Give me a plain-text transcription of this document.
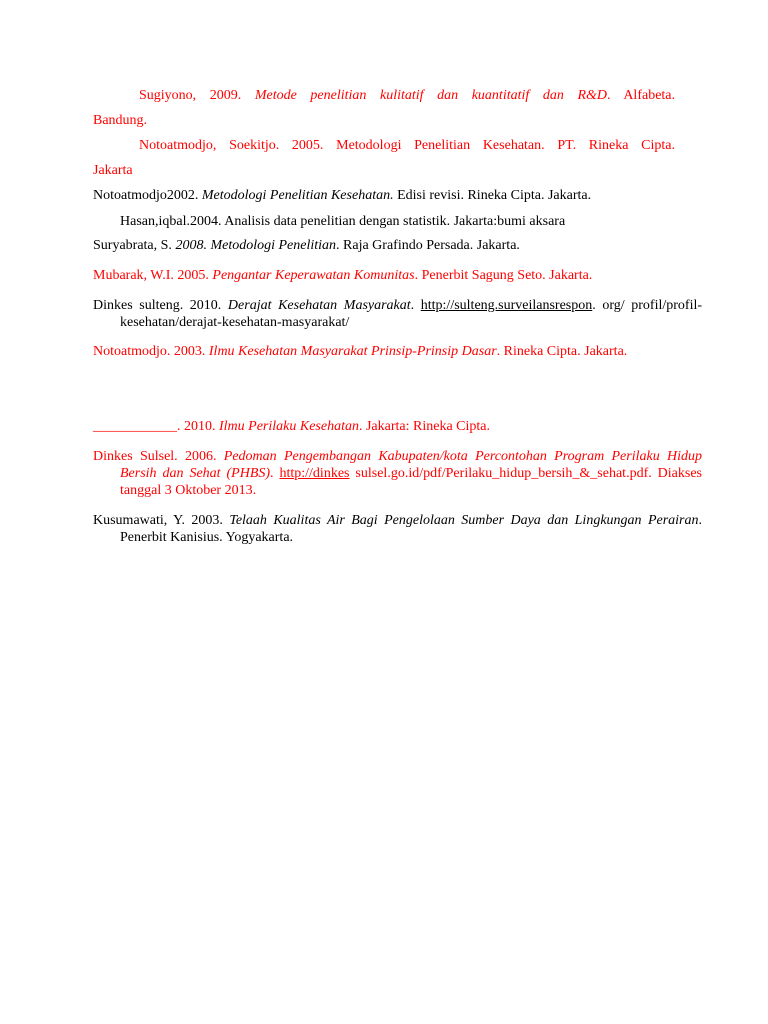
Sugiyono, 2009. Metode penelitian kulitatif dan kuantitatif dan R&D. Alfabeta.
Bandung.
Notoatmodjo, Soekitjo. 2005. Metodologi Penelitian Kesehatan. PT. Rineka Cipta.
Jakarta
Notoatmodjo2002. Metodologi Penelitian Kesehatan. Edisi revisi. Rineka Cipta. Jakarta.
Hasan,iqbal.2004. Analisis data penelitian dengan statistik. Jakarta:bumi aksara
Suryabrata, S. 2008. Metodologi Penelitian. Raja Grafindo Persada. Jakarta.
Mubarak, W.I. 2005. Pengantar Keperawatan Komunitas. Penerbit Sagung Seto. Jakarta.
Dinkes sulteng. 2010. Derajat Kesehatan Masyarakat. http://sulteng.surveilansrespon. org/ profil/profil-kesehatan/derajat-kesehatan-masyarakat/
Notoatmodjo. 2003. Ilmu Kesehatan Masyarakat Prinsip-Prinsip Dasar. Rineka Cipta. Jakarta.
____________. 2010. Ilmu Perilaku Kesehatan. Jakarta: Rineka Cipta.
Dinkes Sulsel. 2006. Pedoman Pengembangan Kabupaten/kota Percontohan Program Perilaku Hidup Bersih dan Sehat (PHBS). http://dinkes sulsel.go.id/pdf/Perilaku_hidup_bersih_&_sehat.pdf. Diakses tanggal 3 Oktober 2013.
Kusumawati, Y. 2003. Telaah Kualitas Air Bagi Pengelolaan Sumber Daya dan Lingkungan Perairan. Penerbit Kanisius. Yogyakarta.
